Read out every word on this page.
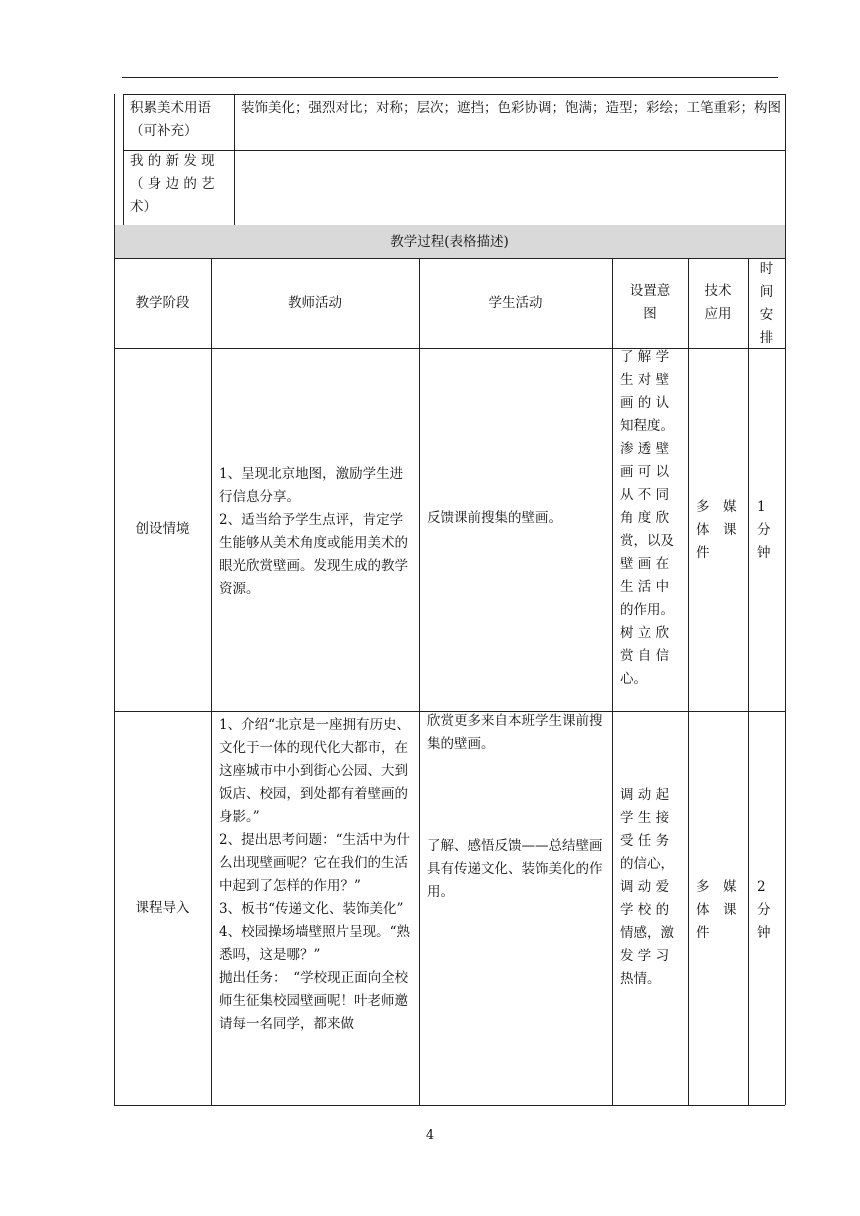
积累美术用语
（可补充）
装饰美化；强烈对比；对称；层次；遮挡；色彩协调；饱满；造型；彩绘；工笔重彩；构图
我 的 新 发 现
（ 身 边 的 艺
术）
教学过程(表格描述)
教学阶段	教师活动	学生活动
设置意
图
技术
应用
时
间
安
排
创设情境
1、呈现北京地图，激励学生进行信息分享。
2、适当给予学生点评，肯定学生能够从美术角度或能用美术的眼光欣赏壁画。发现生成的教学资源。
反馈课前搜集的壁画。
了 解 学
生 对 壁
画 的 认
知程度。
渗 透 壁
画 可 以
从 不 同
角 度 欣
赏，以及
壁 画 在
生 活 中
的作用。
树 立 欣
赏 自 信
心。
多　媒
体　课
件
1
分
钟
课程导入
1、介绍“北京是一座拥有历史、文化于一体的现代化大都市，在这座城市中小到街心公园、大到饭店、校园，到处都有着壁画的身影。”
2、提出思考问题：“生活中为什么出现壁画呢？它在我们的生活中起到了怎样的作用？”
3、板书“传递文化、装饰美化”
4、校园操场墙壁照片呈现。“熟悉吗，这是哪？”
抛出任务：　“学校现正面向全校师生征集校园壁画呢！叶老师邀请每一名同学，都来做
欣赏更多来自本班学生课前搜集的壁画。
了解、感悟反馈——总结壁画具有传递文化、装饰美化的作用。
调 动 起
学 生 接
受 任 务
的信心，
调 动 爱
学 校 的
情感，激
发 学 习
热情。
多　媒
体　课
件
2
分
钟
4
